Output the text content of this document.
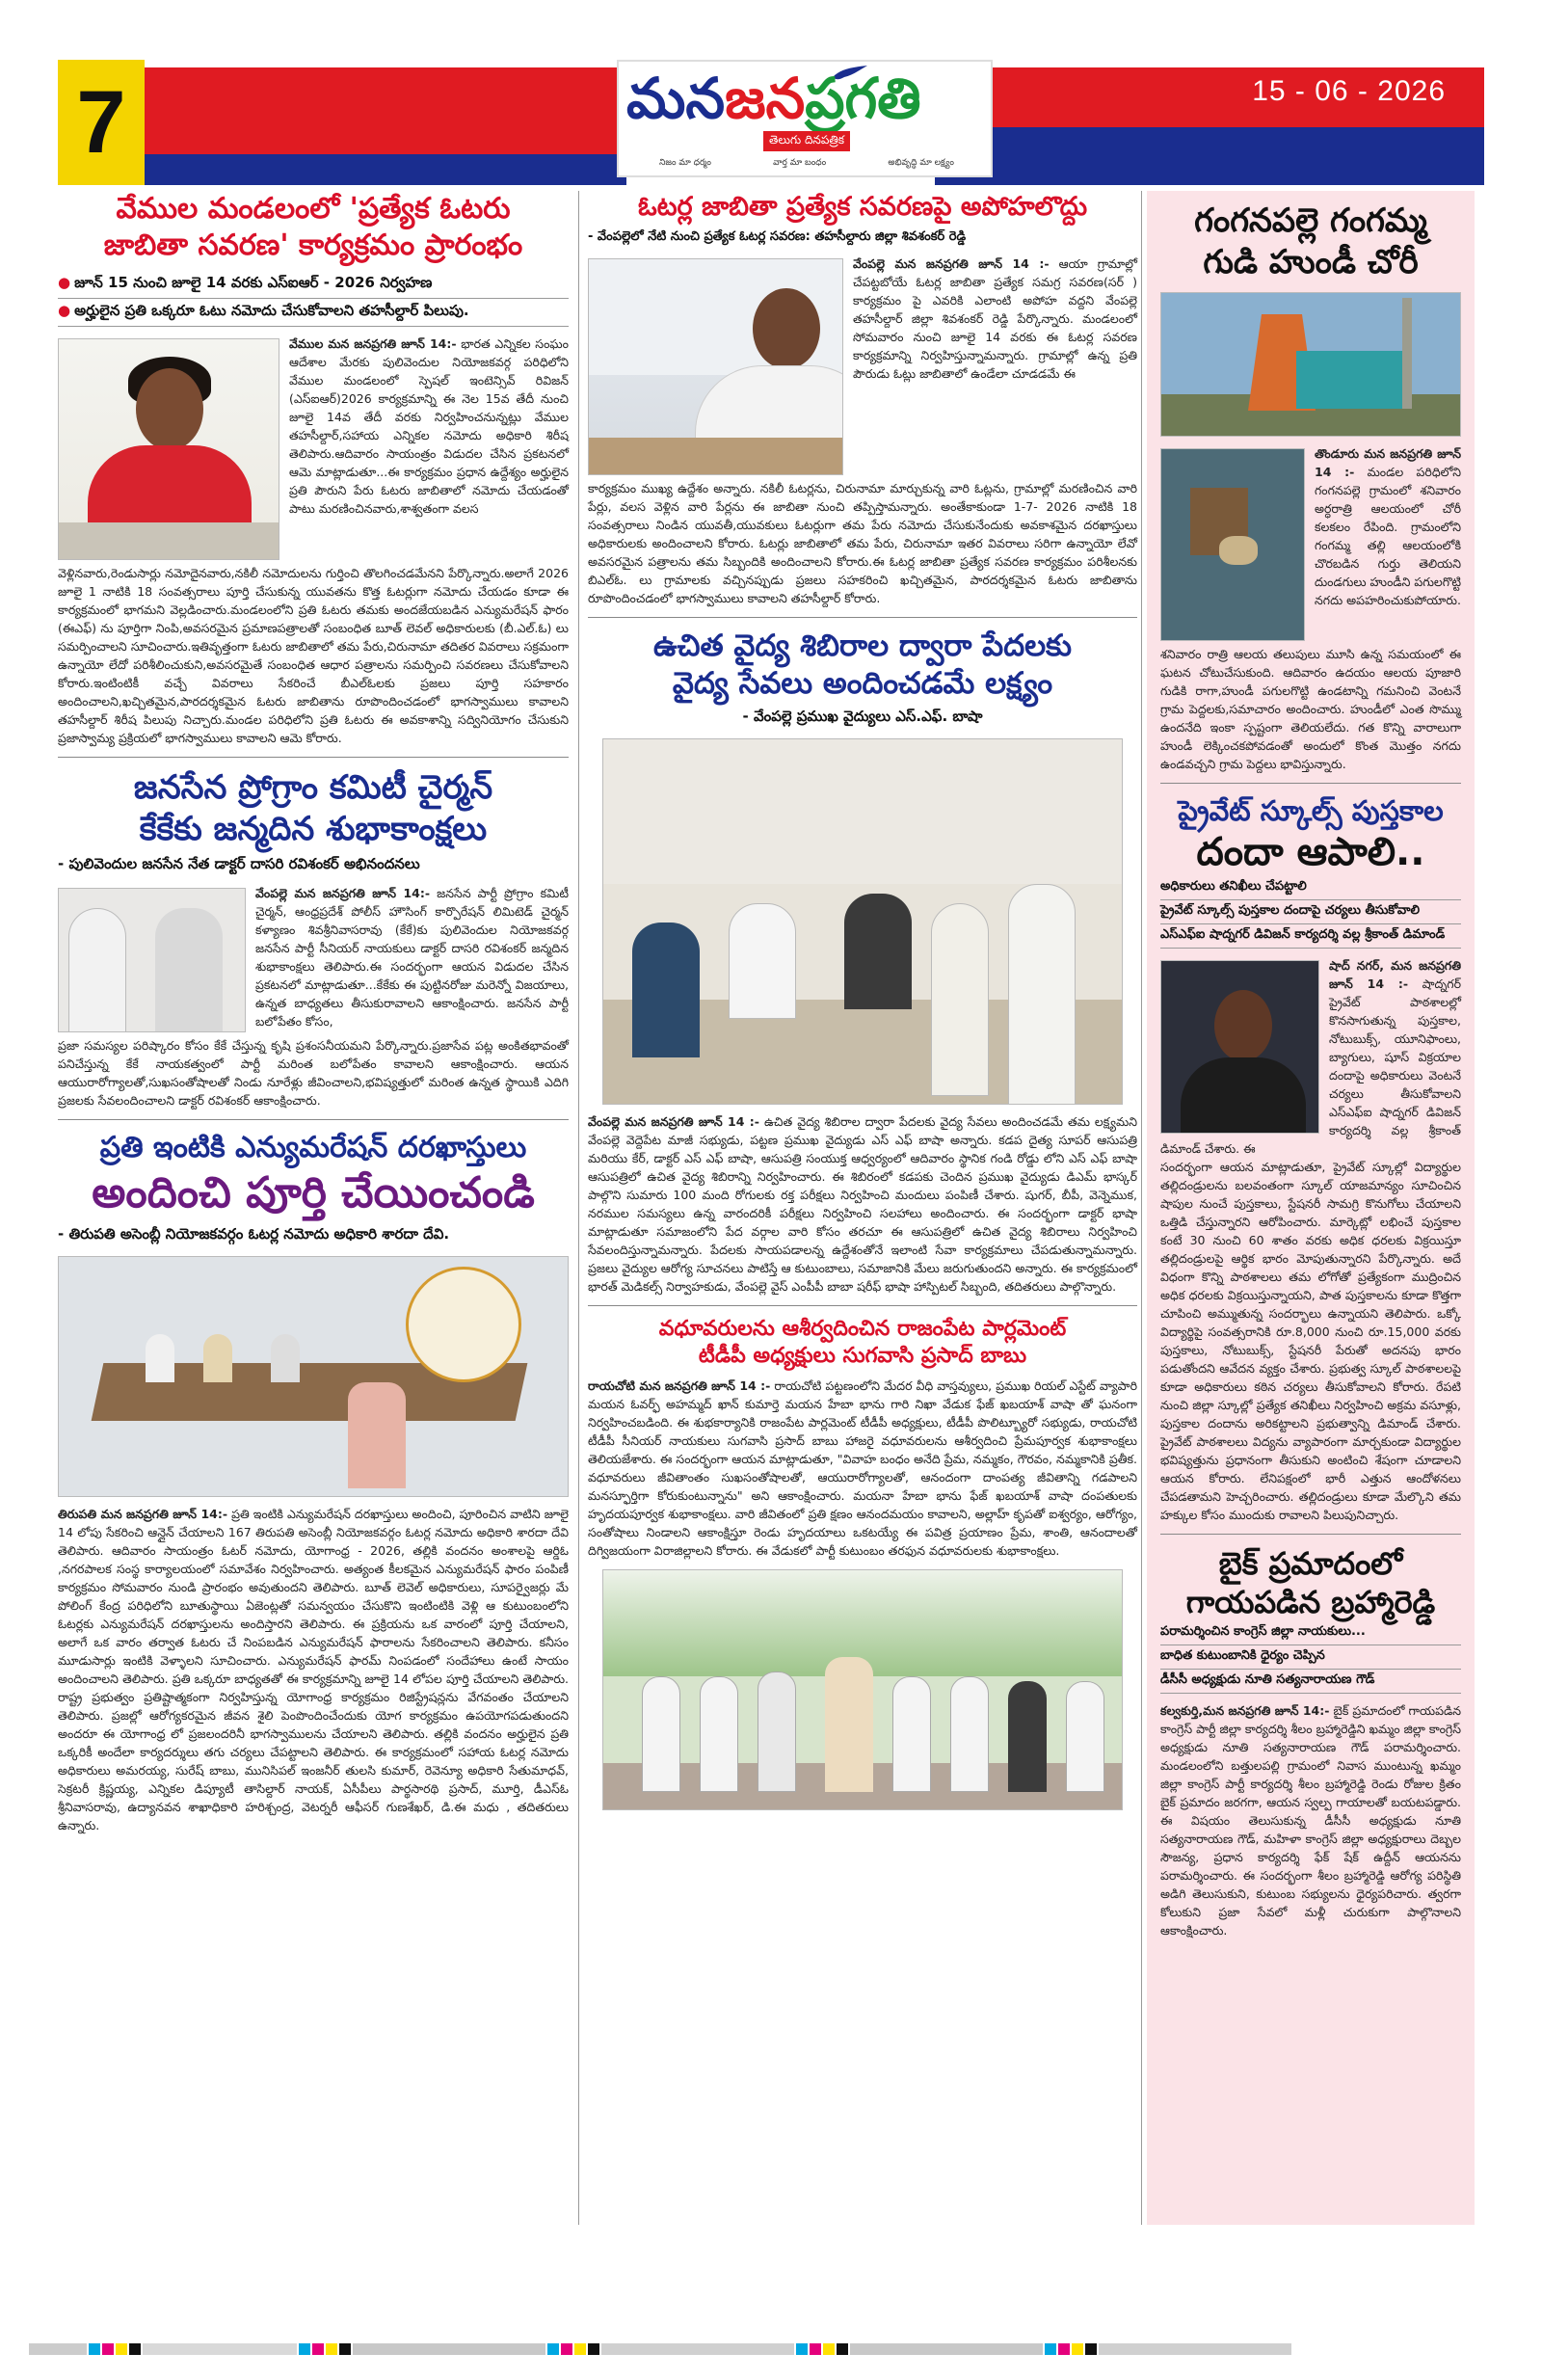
7	మనజనప్రగతి
తెలుగు దినపత్రిక
నిజం మా ధర్మం	వార్త మా బంధం	అభివృద్ధి మా లక్ష్యం
15 - 06 - 2026
వేముల మండలంలో 'ప్రత్యేక ఓటరు
జాబితా సవరణ' కార్యక్రమం ప్రారంభం
● జూన్ 15 నుంచి జూలై 14 వరకు ఎస్ఐఆర్ - 2026 నిర్వహణ
● అర్హులైన ప్రతి ఒక్కరూ ఓటు నమోదు చేసుకోవాలని తహసీల్దార్ పిలుపు.

వేముల మన జనప్రగతి జూన్ 14:- భారత ఎన్నికల సంఘం ఆదేశాల మేరకు పులివెందుల నియోజకవర్గ పరిధిలోని వేముల మండలంలో స్పెషల్ ఇంటెన్సివ్ రివిజన్ (ఎస్ఐఆర్)2026 కార్యక్రమాన్ని ఈ నెల 15వ తేదీ నుంచి జూలై 14వ తేదీ వరకు నిర్వహించనున్నట్లు వేముల తహసీల్దార్,సహాయ ఎన్నికల నమోదు అధికారి శిరీష తెలిపారు.ఆదివారం సాయంత్రం విడుదల చేసిన ప్రకటనలో ఆమె మాట్లాడుతూ...ఈ కార్యక్రమం ప్రధాన ఉద్దేశ్యం అర్హులైన ప్రతి పౌరుని పేరు ఓటరు జాబితాలో నమోదు చేయడంతో పాటు మరణించినవారు,శాశ్వతంగా వలస

వెళ్లినవారు,రెండుసార్లు నమోదైనవారు,నకిలీ నమోదులను గుర్తించి తొలగించడమేనని పేర్కొన్నారు.అలాగే 2026 జూలై 1 నాటికి 18 సంవత్సరాలు పూర్తి చేసుకున్న యువతను కొత్త ఓటర్లుగా నమోదు చేయడం కూడా ఈ కార్యక్రమంలో భాగమని వెల్లడించారు.మండలంలోని ప్రతి ఓటరు తమకు అందజేయబడిన ఎన్యుమరేషన్ ఫారం (ఈఎఫ్) ను పూర్తిగా నింపి,అవసరమైన ప్రమాణపత్రాలతో సంబంధిత బూత్ లెవల్ అధికారులకు (బీ.ఎల్.ఓ) లు సమర్పించాలని సూచించారు.ఇతివృత్తంగా ఓటరు జాబితాలో తమ పేరు,చిరునామా తదితర వివరాలు సక్రమంగా ఉన్నాయో లేదో పరిశీలించుకుని,అవసరమైతే సంబంధిత ఆధార పత్రాలను సమర్పించి సవరణలు చేసుకోవాలని కోరారు.ఇంటింటికీ వచ్చే వివరాలు సేకరించే బీఎల్ఓలకు ప్రజలు పూర్తి సహకారం అందించాలని,ఖచ్చితమైన,పారదర్శకమైన ఓటరు జాబితాను రూపొందించడంలో భాగస్వాములు కావాలని తహసీల్దార్ శిరీష పిలుపు నిచ్చారు.మండల పరిధిలోని ప్రతి ఓటరు ఈ అవకాశాన్ని సద్వినియోగం చేసుకుని ప్రజాస్వామ్య ప్రక్రియలో భాగస్వాములు కావాలని ఆమె కోరారు.

జనసేన ప్రోగ్రాం కమిటీ చైర్మన్
కేకేకు జన్మదిన శుభాకాంక్షలు
- పులివెందుల జనసేన నేత డాక్టర్ దాసరి రవిశంకర్ అభినందనలు

వేంపల్లె మన జనప్రగతి జూన్ 14:- జనసేన పార్టీ ప్రోగ్రాం కమిటీ చైర్మన్, ఆంధ్రప్రదేశ్ పోలీస్ హౌసింగ్ కార్పొరేషన్ లిమిటెడ్ చైర్మన్ కళ్యాణం శివశ్రీనివాసరావు (కేకే)కు పులివెందుల నియోజకవర్గ జనసేన పార్టీ సీనియర్ నాయకులు డాక్టర్ దాసరి రవిశంకర్ జన్మదిన శుభాకాంక్షలు తెలిపారు.ఈ సందర్భంగా ఆయన విడుదల చేసిన ప్రకటనలో మాట్లాడుతూ...కేకేకు ఈ పుట్టినరోజు మరెన్నో విజయాలు, ఉన్నత బాధ్యతలు తీసుకురావాలని ఆకాంక్షించారు. జనసేన పార్టీ బలోపేతం కోసం,

ప్రజా సమస్యల పరిష్కారం కోసం కేకే చేస్తున్న కృషి ప్రశంసనీయమని పేర్కొన్నారు.ప్రజాసేవ పట్ల అంకితభావంతో పనిచేస్తున్న కేకే నాయకత్వంలో పార్టీ మరింత బలోపేతం కావాలని ఆకాంక్షించారు. ఆయన ఆయురారోగ్యాలతో,సుఖసంతోషాలతో నిండు నూరేళ్లు జీవించాలని,భవిష్యత్తులో మరింత ఉన్నత స్థాయికి ఎదిగి ప్రజలకు సేవలందించాలని డాక్టర్ రవిశంకర్ ఆకాంక్షించారు.

ప్రతి ఇంటికి ఎన్యుమరేషన్ దరఖాస్తులు
అందించి పూర్తి చేయించండి
- తిరుపతి అసెంబ్లీ నియోజకవర్గం ఓటర్ల నమోదు అధికారి శారదా దేవి.

తిరుపతి మన జనప్రగతి జూన్ 14:- ప్రతి ఇంటికి ఎన్యుమరేషన్ దరఖాస్తులు అందించి, పూరించిన వాటిని జూలై 14 లోపు సేకరించి ఆన్లైన్ చేయాలని 167 తిరుపతి అసెంబ్లీ నియోజకవర్గం ఓటర్ల నమోదు అధికారి శారదా దేవి తెలిపారు. ఆదివారం సాయంత్రం ఓటర్ నమోదు, యోగాంధ్ర - 2026, తల్లికి వందనం అంశాలపై ఆర్డిఓ ,నగరపాలక సంస్థ కార్యాలయంలో సమావేశం నిర్వహించారు. అత్యంత కీలకమైన ఎన్యుమరేషన్ ఫారం పంపిణీ కార్యక్రమం సోమవారం నుండి ప్రారంభం అవుతుందని తెలిపారు. బూత్ లెవెల్ అధికారులు, సూపర్వైజర్లు మే పోలింగ్ కేంద్ర పరిధిలోని బూతుస్థాయి ఏజెంట్లతో సమన్వయం చేసుకొని ఇంటింటికి వెళ్లి ఆ కుటుంబంలోని ఓటర్లకు ఎన్యుమరేషన్ దరఖాస్తులను అందిస్తారని తెలిపారు. ఈ ప్రక్రియను ఒక వారంలో పూర్తి చేయాలని, అలాగే ఒక వారం తర్వాత ఓటరు చే నింపబడిన ఎన్యుమరేషన్ ఫారాలను సేకరించాలని తెలిపారు. కనీసం మూడుసార్లు ఇంటికి వెళ్ళాలని సూచించారు. ఎన్యుమరేషన్ ఫారమ్ నింపడంలో సందేహాలు ఉంటే సాయం అందించాలని తెలిపారు. ప్రతి ఒక్కరూ బాధ్యతతో ఈ కార్యక్రమాన్ని జూలై 14 లోపల పూర్తి చేయాలని తెలిపారు. రాష్ట్ర ప్రభుత్వం ప్రతిష్టాత్మకంగా నిర్వహిస్తున్న యోగాంధ్ర కార్యక్రమం రిజిస్ట్రేషన్లను వేగవంతం చేయాలని తెలిపారు. ప్రజల్లో ఆరోగ్యకరమైన జీవన శైలి పెంపొందించేందుకు యోగ కార్యక్రమం ఉపయోగపడుతుందని అందరూ ఈ యోగాంధ్ర లో ప్రజలందరినీ భాగస్వాములను చేయాలని తెలిపారు. తల్లికి వందనం అర్హులైన ప్రతి ఒక్కరికీ అందేలా కార్యదర్శులు తగు చర్యలు చేపట్టాలని తెలిపారు. ఈ కార్యక్రమంలో సహాయ ఓటర్ల నమోదు అధికారులు అమరయ్య, సురేష్ బాబు, మునిసిపల్ ఇంజనీర్ తులసి కుమార్, రెవెన్యూ అధికారి సేతుమాధవ్, సెక్రటరీ క్రిష్ణయ్య, ఎన్నికల డిప్యూటీ తాసిల్దార్ నాయక్, ఏసీపీలు పార్థసారథి ప్రసాద్, మూర్తి, డీఎస్ఓ శ్రీనివాసరావు, ఉద్యానవన శాఖాధికారి హరిశ్చంద్ర, వెటర్నరీ ఆఫీసర్ గుణశేఖర్, డి.ఈ మధు , తదితరులు ఉన్నారు.

ఓటర్ల జాబితా ప్రత్యేక సవరణపై అపోహలొద్దు
- వేంపల్లెలో నేటి నుంచి ప్రత్యేక ఓటర్ల సవరణ: తహసీల్దారు జిల్లా శివశంకర్ రెడ్డి

వేంపల్లె మన జనప్రగతి జూన్ 14 :- ఆయా గ్రామాల్లో చేపట్టబోయే ఓటర్ల జాబితా ప్రత్యేక సమగ్ర సవరణ(సర్ ) కార్యక్రమం పై ఎవరికి ఎలాంటి అపోహ వద్దని వేంపల్లె తహసీల్దార్ జిల్లా శివశంకర్ రెడ్డి పేర్కొన్నారు. మండలంలో సోమవారం నుంచి జూలై 14 వరకు ఈ ఓటర్ల సవరణ కార్యక్రమాన్ని నిర్వహిస్తున్నామన్నారు. గ్రామాల్లో ఉన్న ప్రతి పౌరుడు ఓట్లు జాబితాలో ఉండేలా చూడడమే ఈ

కార్యక్రమం ముఖ్య ఉద్దేశం అన్నారు. నకిలీ ఓటర్లను, చిరునామా మార్చుకున్న వారి ఓట్లను, గ్రామాల్లో మరణించిన వారి పేర్లు, వలస వెళ్లిన వారి పేర్లను ఈ జాబితా నుంచి తప్పిస్తామన్నారు. అంతేకాకుండా 1-7- 2026 నాటికి 18 సంవత్సరాలు నిండిన యువతీ,యువకులు ఓటర్లుగా తమ పేరు నమోదు చేసుకునేందుకు అవకాశమైన దరఖాస్తులు అధికారులకు అందించాలని కోరారు. ఓటర్లు జాబితాలో తమ పేరు, చిరునామా ఇతర వివరాలు సరిగా ఉన్నాయో లేవో అవసరమైన పత్రాలను తమ సిబ్బందికి అందించాలని కోరారు.ఈ ఓటర్ల జాబితా ప్రత్యేక సవరణ కార్యక్రమం పరిశీలనకు బిఎల్ఓ. లు గ్రామాలకు వచ్చినప్పుడు ప్రజలు సహకరించి ఖచ్చితమైన, పారదర్శకమైన ఓటరు జాబితాను రూపొందించడంలో భాగస్వాములు కావాలని తహసీల్దార్ కోరారు.

ఉచిత వైద్య శిబిరాల ద్వారా పేదలకు
వైద్య సేవలు అందించడమే లక్ష్యం
- వేంపల్లె ప్రముఖ వైద్యులు ఎస్.ఎఫ్. బాషా

వేంపల్లె మన జనప్రగతి జూన్ 14 :- ఉచిత వైద్య శిబిరాల ద్వారా పేదలకు వైద్య సేవలు అందించడమే తమ లక్ష్యమని వేంపల్లె వెద్దెపేట మాజీ సభ్యుడు, పట్టణ ప్రముఖ వైద్యుడు ఎస్ ఎఫ్ బాషా అన్నారు. కడప దైత్య సూపర్ ఆసుపత్రి మరియు కేర్, డాక్టర్ ఎస్ ఎఫ్ బాషా, ఆసుపత్రి సంయుక్త ఆధ్వర్యంలో ఆదివారం స్థానిక గండి రోడ్డు లోని ఎస్ ఎఫ్ బాషా ఆసుపత్రిలో ఉచిత వైద్య శిబిరాన్ని నిర్వహించారు. ఈ శిబిరంలో కడపకు చెందిన ప్రముఖ వైద్యుడు డిఎమ్ భాస్కర్ పాల్గొని సుమారు 100 మంది రోగులకు రక్త పరీక్షలు నిర్వహించి మందులు పంపిణీ చేశారు. షుగర్, బీపీ, వెన్నెముక, నరముల సమస్యలు ఉన్న వారందరికీ పరీక్షలు నిర్వహించి సలహాలు అందించారు. ఈ సందర్భంగా డాక్టర్ భాషా మాట్లాడుతూ సమాజంలోని పేద వర్గాల వారి కోసం తరచూ ఈ ఆసుపత్రిలో ఉచిత వైద్య శిబిరాలు నిర్వహించి సేవలందిస్తున్నామన్నారు. పేదలకు సాయపడాలన్న ఉద్దేశంతోనే ఇలాంటి సేవా కార్యక్రమాలు చేపడుతున్నామన్నారు. ప్రజలు వైద్యుల ఆరోగ్య సూచనలు పాటిస్తే ఆ కుటుంబాలు, సమాజానికి మేలు జరుగుతుందని అన్నారు. ఈ కార్యక్రమంలో భారత్ మెడికల్స్ నిర్వాహకుడు, వేంపల్లె వైస్ ఎంపీపీ బాబా షరీఫ్ భాషా హాస్పిటల్ సిబ్బంది, తదితరులు పాల్గొన్నారు.

వధూవరులను ఆశీర్వదించిన రాజంపేట పార్లమెంట్
టీడీపీ అధ్యక్షులు సుగవాసి ప్రసాద్ బాబు

రాయచోటి మన జనప్రగతి జూన్ 14 :- రాయచోటి పట్టణంలోని మేదర వీధి వాస్తవ్యులు, ప్రముఖ రియల్ ఎస్టేట్ వ్యాపారి మయన ఓవర్ఫ్ అహమ్మద్ ఖాన్ కుమార్తె మయన హేబా భాను గారి నిఖా వేడుక ఫేజ్ ఖబయాశ్ వాషా తో ఘనంగా నిర్వహించబడింది. ఈ శుభకార్యానికి రాజంపేట పార్లమెంట్ టీడీపీ అధ్యక్షులు, టీడీపీ పొలిట్బ్యూరో సభ్యుడు, రాయచోటి టీడీపీ సీనియర్ నాయకులు సుగవాసి ప్రసాద్ బాబు హాజరై వధూవరులను ఆశీర్వదించి ప్రేమపూర్వక శుభాకాంక్షలు తెలియజేశారు. ఈ సందర్భంగా ఆయన మాట్లాడుతూ, "వివాహ బంధం అనేది ప్రేమ, నమ్మకం, గౌరవం, నమ్మకానికి ప్రతీక. వధూవరులు జీవితాంతం సుఖసంతోషాలతో, ఆయురారోగ్యాలతో, ఆనందంగా దాంపత్య జీవితాన్ని గడపాలని మనస్ఫూర్తిగా కోరుకుంటున్నాను" అని ఆకాంక్షించారు. మయనా హేబా భాను ఫేజ్ ఖబయాశ్ వాషా దంపతులకు హృదయపూర్వక శుభాకాంక్షలు. వారి జీవితంలో ప్రతి క్షణం ఆనందమయం కావాలని, అల్లాహ్ కృపతో ఐశ్వర్యం, ఆరోగ్యం, సంతోషాలు నిండాలని ఆకాంక్షిస్తూ రెండు హృదయాలు ఒకటయ్యే ఈ పవిత్ర ప్రయాణం ప్రేమ, శాంతి, ఆనందాలతో దిగ్విజయంగా విరాజిల్లాలని కోరారు. ఈ వేడుకలో పార్టీ కుటుంబం తరఫున వధూవరులకు శుభాకాంక్షలు.

గంగనపల్లె గంగమ్మ
గుడి హుండీ చోరీ

తొండూరు మన జనప్రగతి జూన్ 14 :- మండల పరిధిలోని గంగనపల్లె గ్రామంలో శనివారం అర్ధరాత్రి ఆలయంలో చోరీ కలకలం రేపింది. గ్రామంలోని గంగమ్మ తల్లి ఆలయంలోకి చొరబడిన గుర్తు తెలియని దుండగులు హుండీని పగులగొట్టి నగదు అపహరించుకుపోయారు.

శనివారం రాత్రి ఆలయ తలుపులు మూసి ఉన్న సమయంలో ఈ ఘటన చోటుచేసుకుంది. ఆదివారం ఉదయం ఆలయ పూజారి గుడికి రాగా,హుండీ పగులగొట్టి ఉండటాన్ని గమనించి వెంటనే గ్రామ పెద్దలకు,సమాచారం అందించారు. హుండీలో ఎంత సొమ్ము ఉందనేది ఇంకా స్పష్టంగా తెలియలేదు. గత కొన్ని వారాలుగా హుండీ లెక్కించకపోవడంతో అందులో కొంత మొత్తం నగదు ఉండవచ్చని గ్రామ పెద్దలు భావిస్తున్నారు.

ప్రైవేట్ స్కూల్స్ పుస్తకాల
దందా ఆపాలి..
అధికారులు తనిఖీలు చేపట్టాలి
ప్రైవేట్ స్కూల్స్ పుస్తకాల దందాపై చర్యలు తీసుకోవాలి
ఎస్ఎఫ్ఐ షాద్నగర్ డివిజన్ కార్యదర్శి వల్ల శ్రీకాంత్ డిమాండ్

షాద్ నగర్, మన జనప్రగతి జూన్ 14 :- షాద్నగర్ ప్రైవేట్ పాఠశాలల్లో కొనసాగుతున్న పుస్తకాల, నోటుబుక్స్, యూనిఫాంలు, బ్యాగులు, షూస్ విక్రయాల దందాపై అధికారులు వెంటనే చర్యలు తీసుకోవాలని ఎస్ఎఫ్ఐ షాద్నగర్ డివిజన్ కార్యదర్శి వల్ల శ్రీకాంత్ డిమాండ్ చేశారు. ఈ

సందర్భంగా ఆయన మాట్లాడుతూ, ప్రైవేట్ స్కూల్లో విద్యార్థుల తల్లిదండ్రులను బలవంతంగా స్కూల్ యాజమాన్యం సూచించిన షాపుల నుంచే పుస్తకాలు, స్టేషనరీ సామగ్రి కొనుగోలు చేయాలని ఒత్తిడి చేస్తున్నారని ఆరోపించారు. మార్కెట్లో లభించే పుస్తకాల కంటే 30 నుంచి 60 శాతం వరకు అధిక ధరలకు విక్రయిస్తూ తల్లిదండ్రులపై ఆర్థిక భారం మోపుతున్నారని పేర్కొన్నారు. అదే విధంగా కొన్ని పాఠశాలలు తమ లోగోతో ప్రత్యేకంగా ముద్రించిన అధిక ధరలకు విక్రయిస్తున్నాయని, పాత పుస్తకాలను కూడా కొత్తగా చూపించి అమ్ముతున్న సందర్భాలు ఉన్నాయని తెలిపారు. ఒక్కో విద్యార్థిపై సంవత్సరానికి రూ.8,000 నుంచి రూ.15,000 వరకు పుస్తకాలు, నోటుబుక్స్, స్టేషనరీ పేరుతో అదనపు భారం పడుతోందని ఆవేదన వ్యక్తం చేశారు. ప్రభుత్వ స్కూల్ పాఠశాలలపై కూడా అధికారులు కఠిన చర్యలు తీసుకోవాలని కోరారు. రేపటి నుంచి జిల్లా స్కూల్లో ప్రత్యేక తనిఖీలు నిర్వహించి అక్రమ వసూళ్లు, పుస్తకాల దందాను అరికట్టాలని ప్రభుత్వాన్ని డిమాండ్ చేశారు. ప్రైవేట్ పాఠశాలలు విద్యను వ్యాపారంగా మార్చకుండా విద్యార్థుల భవిష్యత్తును ప్రధానంగా తీసుకుని అంటించి శేషంగా చూడాలని ఆయన కోరారు. లేనిపక్షంలో భారీ ఎత్తున ఆందోళనలు చేపడతామని హెచ్చరించారు. తల్లిదండ్రులు కూడా మేల్కొని తమ హక్కుల కోసం ముందుకు రావాలని పిలుపునిచ్చారు.

బైక్ ప్రమాదంలో
గాయపడిన బ్రహ్మారెడ్డి
పరామర్శించిన కాంగ్రెస్ జిల్లా నాయకులు...
బాధిత కుటుంబానికి ధైర్యం చెప్పిన
డీసీసీ అధ్యక్షుడు నూతి సత్యనారాయణ గౌడ్

కల్వకుర్తి,మన జనప్రగతి జూన్ 14:- బైక్ ప్రమాదంలో గాయపడిన కాంగ్రెస్ పార్టీ జిల్లా కార్యదర్శి శీలం బ్రహ్మారెడ్డిని ఖమ్మం జిల్లా కాంగ్రెస్ అధ్యక్షుడు నూతి సత్యనారాయణ గౌడ్ పరామర్శించారు. మండలంలోని బత్తులపల్లి గ్రామంలో నివాస ముంటున్న ఖమ్మం జిల్లా కాంగ్రెస్ పార్టీ కార్యదర్శి శీలం బ్రహ్మారెడ్డి రెండు రోజుల క్రితం బైక్ ప్రమాదం జరగగా, ఆయన స్వల్ప గాయాలతో బయటపడ్డారు. ఈ విషయం తెలుసుకున్న డీసీసీ అధ్యక్షుడు నూతి సత్యనారాయణ గౌడ్, మహిళా కాంగ్రెస్ జిల్లా అధ్యక్షురాలు దెబ్బల సౌజన్య, ప్రధాన కార్యదర్శి ఫేక్ షేక్ ఉద్దీన్ ఆయనను పరామర్శించారు. ఈ సందర్భంగా శీలం బ్రహ్మారెడ్డి ఆరోగ్య పరిస్థితి అడిగి తెలుసుకుని, కుటుంబ సభ్యులను ధైర్యపరిచారు. త్వరగా కోలుకుని ప్రజా సేవలో మళ్లీ చురుకుగా పాల్గొనాలని ఆకాంక్షించారు.
